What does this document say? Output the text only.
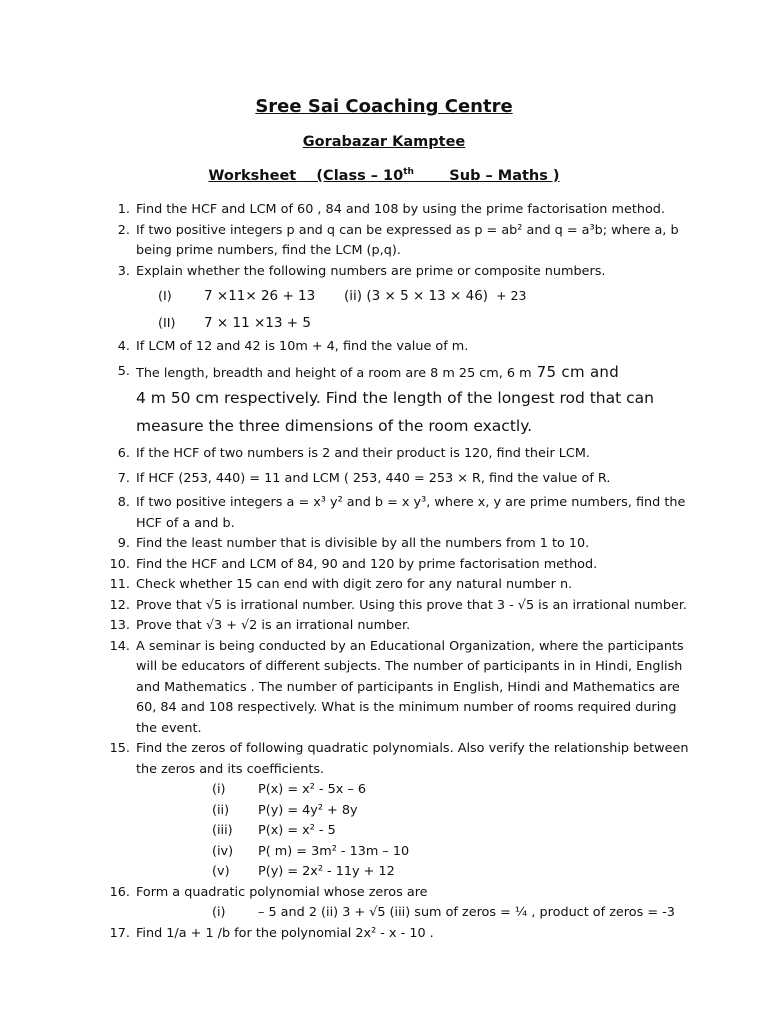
Sree Sai Coaching Centre
Gorabazar Kamptee
Worksheet (Class – 10th Sub – Maths )
1. Find the HCF and LCM of 60 , 84 and 108 by using the prime factorisation method.
2. If two positive integers p and q can be expressed as p = ab² and q = a³b; where a, b being prime numbers, find the LCM (p,q).
3. Explain whether the following numbers are prime or composite numbers.
(I) 7 ×11× 26 + 13 (ii) (3 × 5 × 13 × 46) + 23
(II) 7 × 11 ×13 + 5
4. If LCM of 12 and 42 is 10m + 4, find the value of m.
5. The length, breadth and height of a room are 8 m 25 cm, 6 m 75 cm and
4 m 50 cm respectively. Find the length of the longest rod that can
measure the three dimensions of the room exactly.
6. If the HCF of two numbers is 2 and their product is 120, find their LCM.
7. If HCF (253, 440) = 11 and LCM ( 253, 440 = 253 × R, find the value of R.
8. If two positive integers a = x³ y² and b = x y³, where x, y are prime numbers, find the HCF of a and b.
9. Find the least number that is divisible by all the numbers from 1 to 10.
10. Find the HCF and LCM of 84, 90 and 120 by prime factorisation method.
11. Check whether 15 can end with digit zero for any natural number n.
12. Prove that √5 is irrational number. Using this prove that 3 - √5 is an irrational number.
13. Prove that √3 + √2 is an irrational number.
14. A seminar is being conducted by an Educational Organization, where the participants will be educators of different subjects. The number of participants in in Hindi, English and Mathematics . The number of participants in English, Hindi and Mathematics are 60, 84 and 108 respectively. What is the minimum number of rooms required during the event.
15. Find the zeros of following quadratic polynomials. Also verify the relationship between the zeros and its coefficients.
(i)	P(x) = x² - 5x – 6
(ii) P(y) = 4y² + 8y
(iii) P(x) = x² - 5
(iv) P( m) = 3m² - 13m – 10
(v) P(y) = 2x² - 11y + 12
16. Form a quadratic polynomial whose zeros are
(i)	– 5 and 2 (ii) 3 + √5 (iii) sum of zeros = ¼ , product of zeros = -3
17. Find 1/a + 1 /b for the polynomial 2x² - x - 10 .
